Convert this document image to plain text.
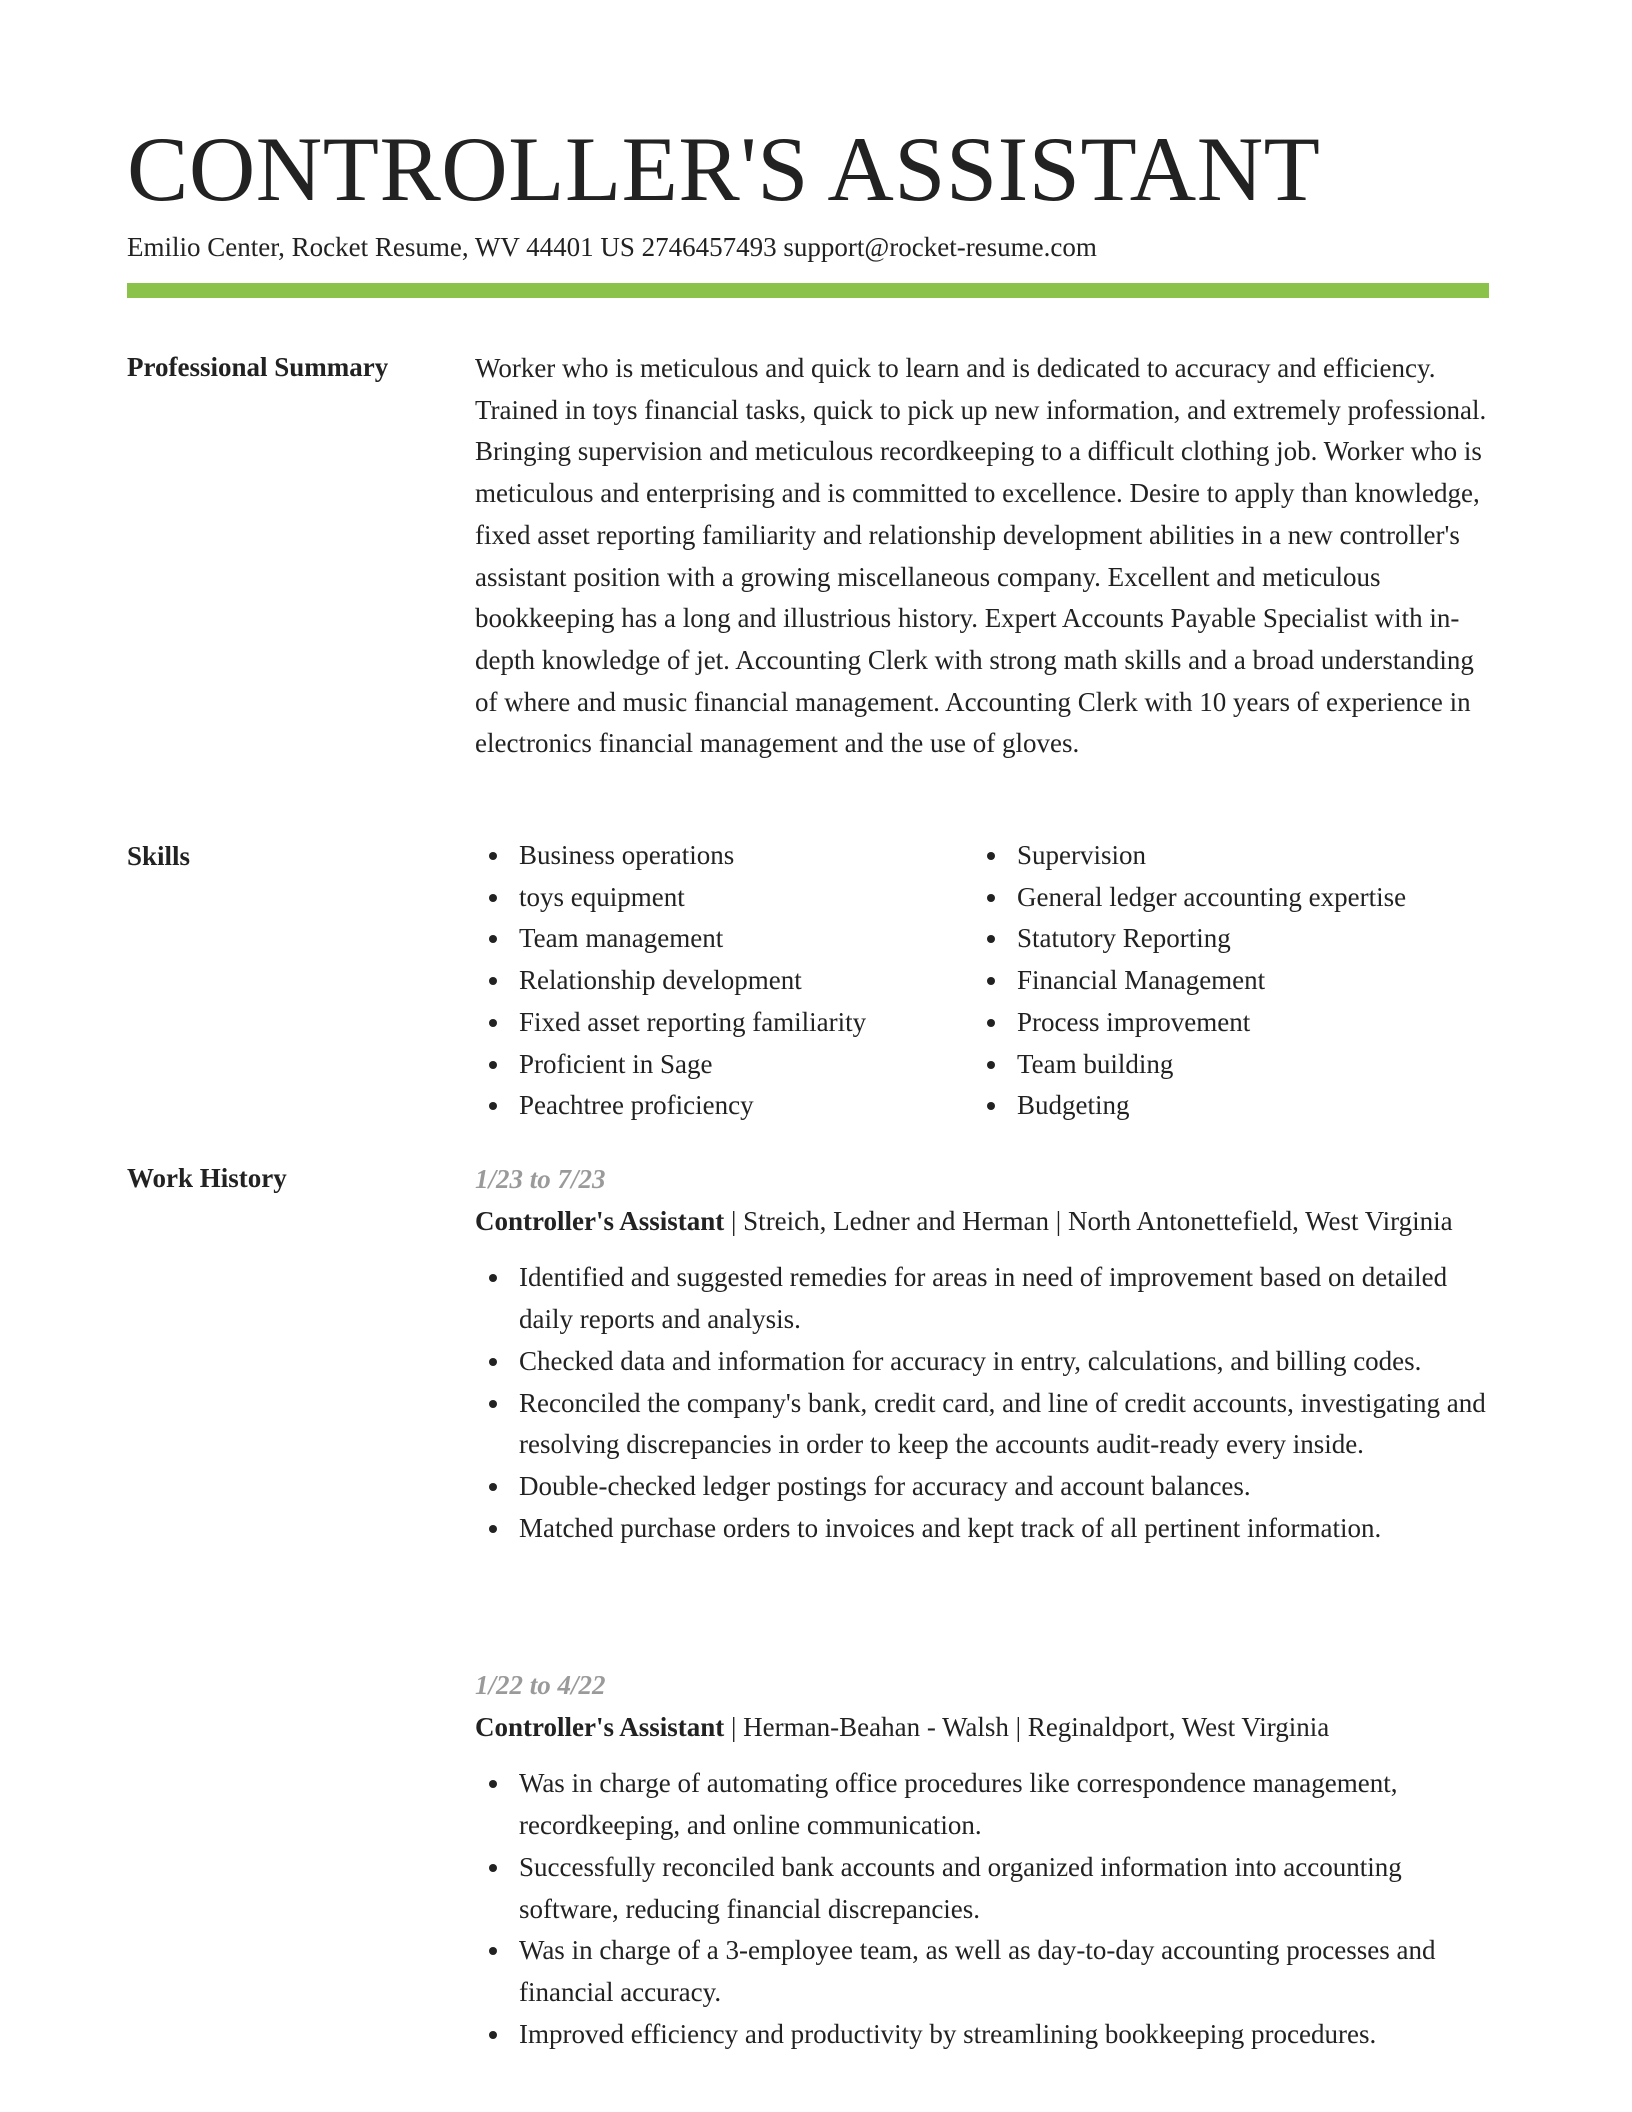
CONTROLLER'S ASSISTANT
Emilio Center, Rocket Resume, WV 44401 US 2746457493 support@rocket-resume.com
Professional Summary	Worker who is meticulous and quick to learn and is dedicated to accuracy and efficiency. Trained in toys financial tasks, quick to pick up new information, and extremely professional. Bringing supervision and meticulous recordkeeping to a difficult clothing job. Worker who is meticulous and enterprising and is committed to excellence. Desire to apply than knowledge, fixed asset reporting familiarity and relationship development abilities in a new controller's assistant position with a growing miscellaneous company. Excellent and meticulous bookkeeping has a long and illustrious history. Expert Accounts Payable Specialist with in-depth knowledge of jet. Accounting Clerk with strong math skills and a broad understanding of where and music financial management. Accounting Clerk with 10 years of experience in electronics financial management and the use of gloves.
Skills	Business operations
toys equipment
Team management
Relationship development
Fixed asset reporting familiarity
Proficient in Sage
Peachtree proficiency
Supervision
General ledger accounting expertise
Statutory Reporting
Financial Management
Process improvement
Team building
Budgeting
Work History	1/23 to 7/23
Controller's Assistant | Streich, Ledner and Herman | North Antonettefield, West Virginia
Identified and suggested remedies for areas in need of improvement based on detailed daily reports and analysis.
Checked data and information for accuracy in entry, calculations, and billing codes.
Reconciled the company's bank, credit card, and line of credit accounts, investigating and resolving discrepancies in order to keep the accounts audit-ready every inside.
Double-checked ledger postings for accuracy and account balances.
Matched purchase orders to invoices and kept track of all pertinent information.
1/22 to 4/22
Controller's Assistant | Herman-Beahan - Walsh | Reginaldport, West Virginia
Was in charge of automating office procedures like correspondence management, recordkeeping, and online communication.
Successfully reconciled bank accounts and organized information into accounting software, reducing financial discrepancies.
Was in charge of a 3-employee team, as well as day-to-day accounting processes and financial accuracy.
Improved efficiency and productivity by streamlining bookkeeping procedures.
